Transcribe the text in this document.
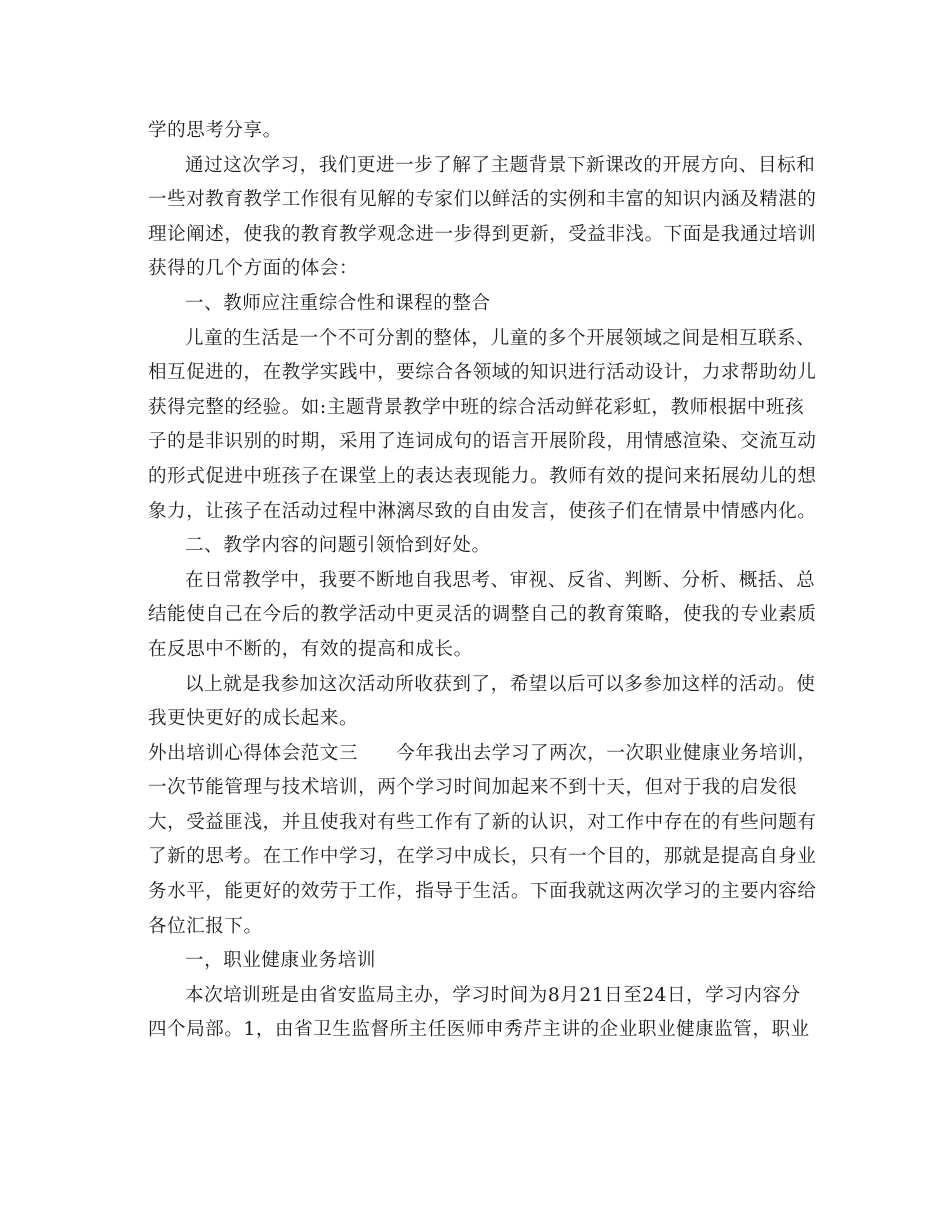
学的思考分享。
通过这次学习，我们更进一步了解了主题背景下新课改的开展方向、目标和
一些对教育教学工作很有见解的专家们以鲜活的实例和丰富的知识内涵及精湛的
理论阐述，使我的教育教学观念进一步得到更新，受益非浅。下面是我通过培训
获得的几个方面的体会：
一、教师应注重综合性和课程的整合
儿童的生活是一个不可分割的整体，儿童的多个开展领域之间是相互联系、
相互促进的，在教学实践中，要综合各领域的知识进行活动设计，力求帮助幼儿
获得完整的经验。如:主题背景教学中班的综合活动鲜花彩虹，教师根据中班孩
子的是非识别的时期，采用了连词成句的语言开展阶段，用情感渲染、交流互动
的形式促进中班孩子在课堂上的表达表现能力。教师有效的提问来拓展幼儿的想
象力，让孩子在活动过程中淋漓尽致的自由发言，使孩子们在情景中情感内化。
二、教学内容的问题引领恰到好处。
在日常教学中，我要不断地自我思考、审视、反省、判断、分析、概括、总
结能使自己在今后的教学活动中更灵活的调整自己的教育策略，使我的专业素质
在反思中不断的，有效的提高和成长。
以上就是我参加这次活动所收获到了，希望以后可以多参加这样的活动。使
我更快更好的成长起来。
外出培训心得体会范文三　　今年我出去学习了两次，一次职业健康业务培训，
一次节能管理与技术培训，两个学习时间加起来不到十天，但对于我的启发很
大，受益匪浅，并且使我对有些工作有了新的认识，对工作中存在的有些问题有
了新的思考。在工作中学习，在学习中成长，只有一个目的，那就是提高自身业
务水平，能更好的效劳于工作，指导于生活。下面我就这两次学习的主要内容给
各位汇报下。
一，职业健康业务培训
本次培训班是由省安监局主办，学习时间为8月21日至24日，学习内容分
四个局部。1，由省卫生监督所主任医师申秀芹主讲的企业职业健康监管，职业
